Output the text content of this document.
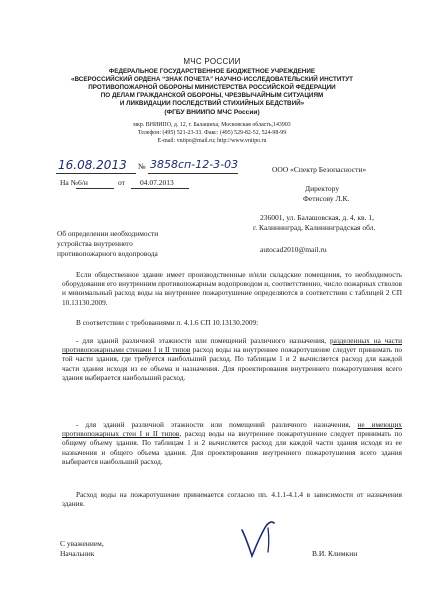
МЧС РОССИИ
ФЕДЕРАЛЬНОЕ ГОСУДАРСТВЕННОЕ БЮДЖЕТНОЕ УЧРЕЖДЕНИЕ
«ВСЕРОССИЙСКИЙ ОРДЕНА “ЗНАК ПОЧЕТА” НАУЧНО-ИССЛЕДОВАТЕЛЬСКИЙ ИНСТИТУТ
ПРОТИВОПОЖАРНОЙ ОБОРОНЫ МИНИСТЕРСТВА РОССИЙСКОЙ ФЕДЕРАЦИИ
ПО ДЕЛАМ ГРАЖДАНСКОЙ ОБОРОНЫ, ЧРЕЗВЫЧАЙНЫМ СИТУАЦИЯМ
И ЛИКВИДАЦИИ ПОСЛЕДСТВИЙ СТИХИЙНЫХ БЕДСТВИЙ»
(ФГБУ ВНИИПО МЧС России)
мкр. ВНИИПО, д. 12, г. Балашиха, Московская область,143903
Телефон: (495) 521-23-33. Факс: (495) 529-82-52, 524-98-99
E-mail: vniipo@mail.ru; http://www.vniipo.ru
16.08.2013 № 3858сп-12-3-03
На № 6/н	от 04.07.2013
ООО «Спектр Безопасности»
Директору
Фетисову Л.К.
Об определении необходимости
устройства внутреннего
противопожарного водопровода
236001, ул. Балашовская, д. 4, кв. 1,
г. Калининград, Калининградская обл.
autocad2010@mail.ru
Если общественное здание имеет производственные и/или складские помещения, то необходимость оборудования его внутренним противопожарным водопроводом и, соответственно, число пожарных стволов и минимальный расход воды на внутреннее пожаротушение определяются в соответствии с таблицей 2 СП 10.13130.2009.
В соответствии с требованиями п. 4.1.6 СП 10.13130.2009:
- для зданий различной этажности или помещений различного назначения, разделенных на части противопожарными стенами I и II типов расход воды на внутреннее пожаротушение следует принимать по той части здания, где требуется наибольший расход. По таблицам 1 и 2 вычисляется расход для каждой части здания исходя из ее объема и назначения. Для проектирования внутреннего пожаротушения всего здания выбирается наибольший расход.
- для зданий различной этажности или помещений различного назначения, не имеющих противопожарных стен I и II типов, расход воды на внутреннее пожаротушение следует принимать по общему объему здания. По таблицам 1 и 2 вычисляется расход для каждой части здания исходя из ее назначения и общего объема здания. Для проектирования внутреннего пожаротушения всего здания выбирается наибольший расход.
Расход воды на пожаротушение принимается согласно пп. 4.1.1-4.1.4 в зависимости от назначения здания.
С уважением,
Начальник	В.И. Климкин
